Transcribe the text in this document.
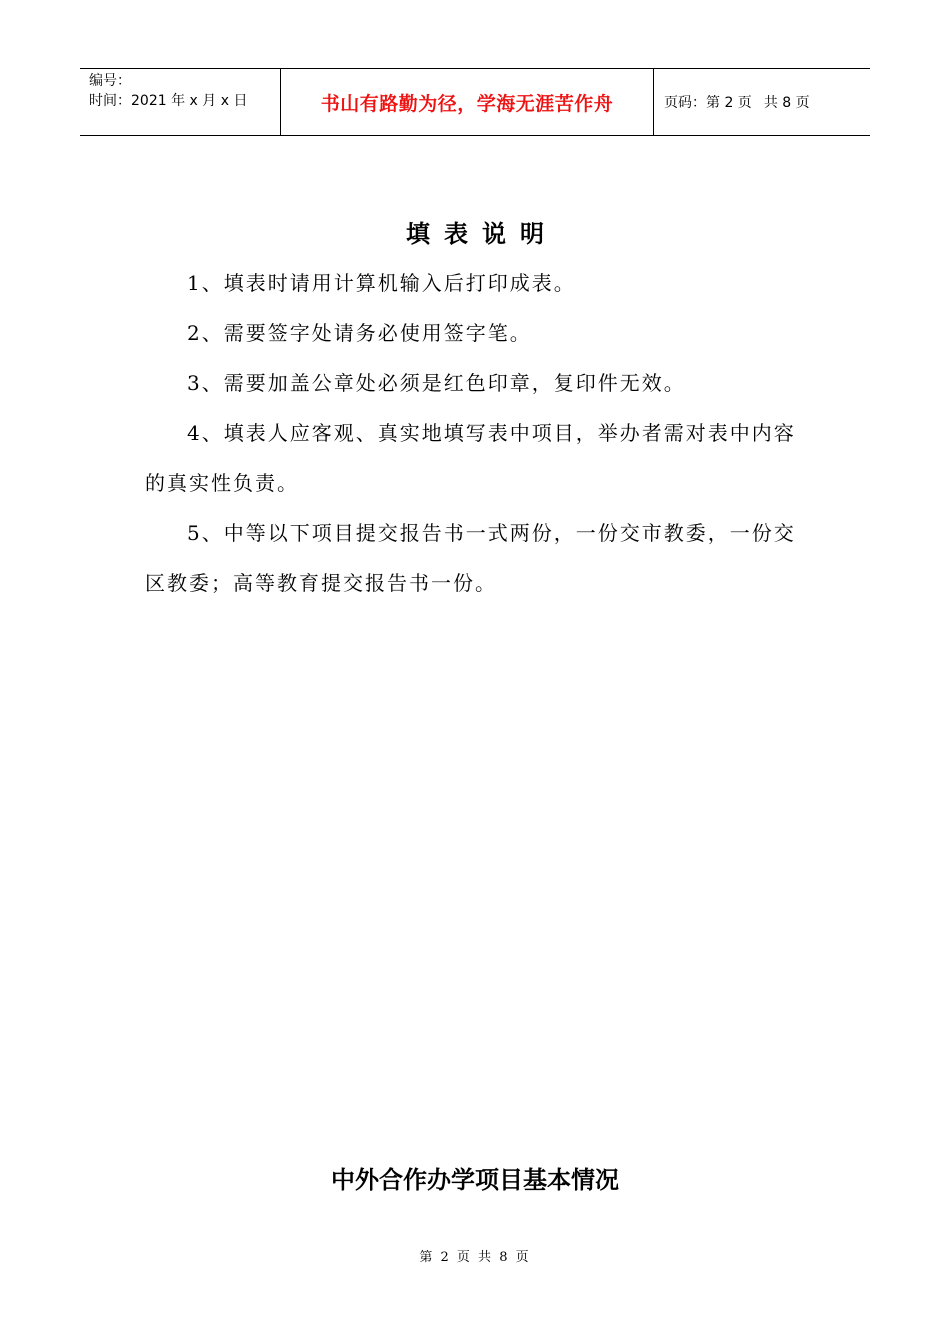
编号：
时间：2021 年 x 月 x 日	书山有路勤为径，学海无涯苦作舟	页码：第 2 页 共 8 页
填表说明
1、填表时请用计算机输入后打印成表。
2、需要签字处请务必使用签字笔。
3、需要加盖公章处必须是红色印章，复印件无效。
4、填表人应客观、真实地填写表中项目，举办者需对表中内容的真实性负责。
5、中等以下项目提交报告书一式两份，一份交市教委，一份交区教委；高等教育提交报告书一份。
中外合作办学项目基本情况
第 2 页 共 8 页
